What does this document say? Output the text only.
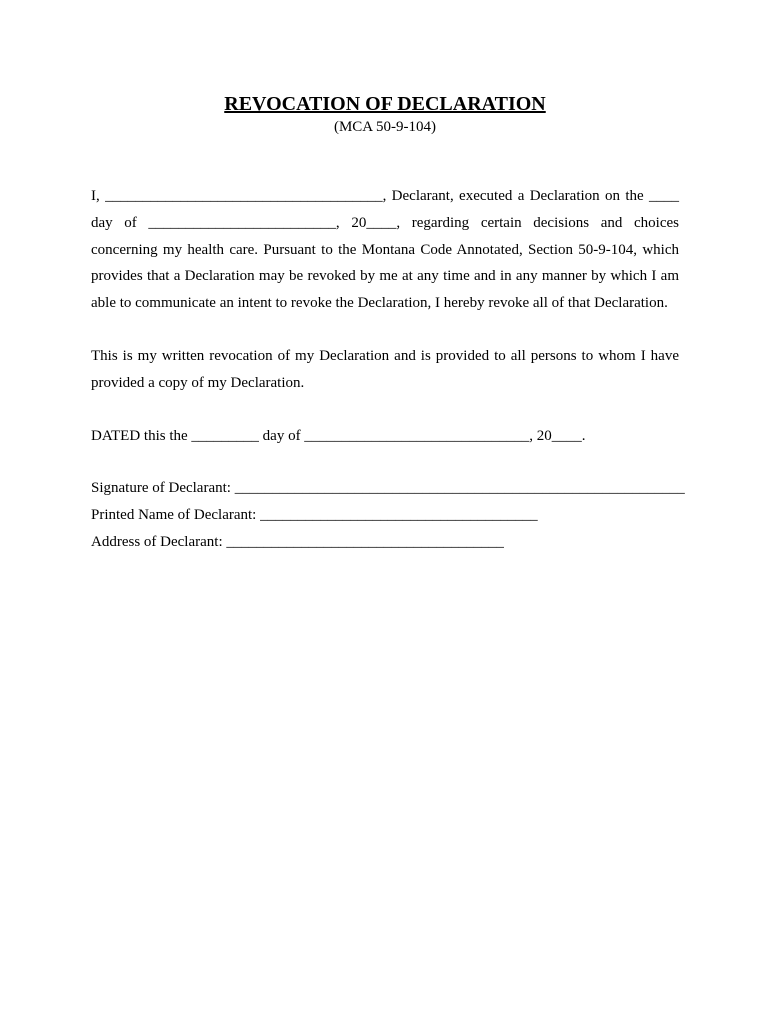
REVOCATION OF DECLARATION
(MCA 50-9-104)

I, _____________________________________, Declarant, executed a Declaration on the ____ day of _________________________, 20____, regarding certain decisions and choices concerning my health care. Pursuant to the Montana Code Annotated, Section 50-9-104, which provides that a Declaration may be revoked by me at any time and in any manner by which I am able to communicate an intent to revoke the Declaration, I hereby revoke all of that Declaration.

This is my written revocation of my Declaration and is provided to all persons to whom I have provided a copy of my Declaration.

DATED this the _________ day of ______________________________, 20____.

Signature of Declarant: ____________________________________________________________

Printed Name of Declarant: _____________________________________

Address of Declarant: _____________________________________
